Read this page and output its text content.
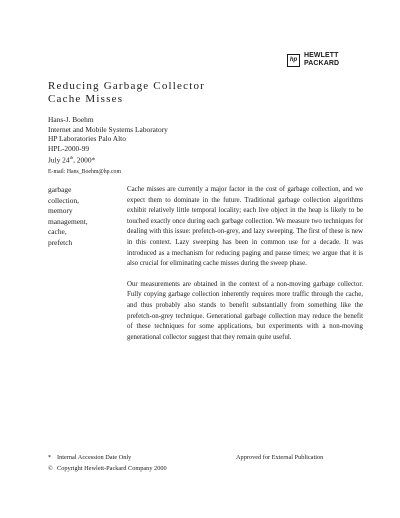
hp
HEWLETT
PACKARD
Reducing Garbage Collector
Cache Misses
Hans-J. Boehm
Internet and Mobile Systems Laboratory
HP Laboratories Palo Alto
HPL-2000-99
July 24th, 2000*
E-mail: Hans_Boehm@hp.com
garbage
collection,
memory
management,
cache,
prefetch

Cache misses are currently a major factor in the cost of garbage collection, and we expect them to dominate in the future. Traditional garbage collection algorithms exhibit relatively little temporal locality; each live object in the heap is likely to be touched exactly once during each garbage collection. We measure two techniques for dealing with this issue: prefetch-on-grey, and lazy sweeping. The first of these is new in this context. Lazy sweeping has been in common use for a decade. It was introduced as a mechanism for reducing paging and pause times; we argue that it is also crucial for eliminating cache misses during the sweep phase.

Our measurements are obtained in the context of a non-moving garbage collector. Fully copying garbage collection inherently requires more traffic through the cache, and thus probably also stands to benefit substantially from something like the prefetch-on-grey technique. Generational garbage collection may reduce the benefit of these techniques for some applications, but experiments with a non-moving generational collector suggest that they remain quite useful.

* Internal Accession Date Only
© Copyright Hewlett-Packard Company 2000
Approved for External Publication
